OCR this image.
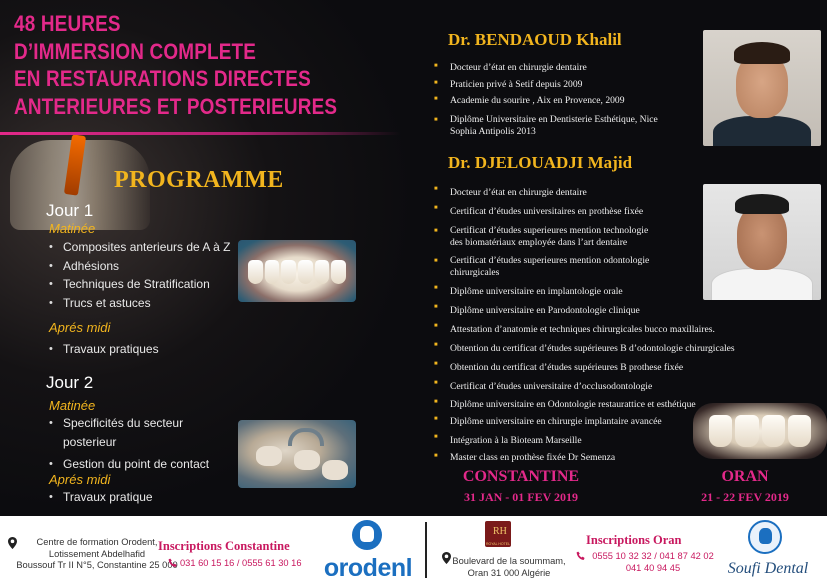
48 HEURES
D’IMMERSION COMPLETE
EN RESTAURATIONS DIRECTES
ANTERIEURES ET POSTERIEURES
PROGRAMME
Jour 1
Matinée
• Composites anterieurs de A à Z
• Adhésions
• Techniques de Stratification
• Trucs et astuces
Aprés midi
• Travaux pratiques
Jour 2
Matinée
• Specificités du secteur
posterieur
• Gestion du point de contact
Aprés midi
• Travaux pratique
Dr. BENDAOUD Khalil
■ Docteur d’état en chirurgie dentaire
■ Praticien privé à Setif depuis 2009
■ Academie du sourire , Aix en Provence, 2009
■ Diplôme Universitaire en Dentisterie Esthétique, Nice
Sophia Antipolis 2013
Dr. DJELOUADJI Majid
■ Docteur d’état en chirurgie dentaire
■ Certificat d’études universitaires en prothèse fixée
■ Certificat d’études superieures mention technologie
des biomatériaux employée dans l’art dentaire
■ Certificat d’études superieures mention odontologie
chirurgicales
■ Diplôme universitaire en implantologie orale
■ Diplôme universitaire en Parodontologie clinique
■ Attestation d’anatomie et techniques chirurgicales bucco maxillaires.
■ Obtention du certificat d’études supérieures B d’odontologie chirurgicales
■ Obtention du certificat d’études supérieures B prothese fixée
■ Certificat d’études universitaire d’occlusodontologie
■ Diplôme universitaire en Odontologie restaurattice et esthétique
■ Diplôme universitaire en chirurgie implantaire avancée
■ Intégration à la Bioteam Marseille
■ Master class en prothèse fixée Dr Semenza
CONSTANTINE
31 JAN - 01 FEV 2019
ORAN
21 - 22 FEV 2019
Centre de formation Orodent,
Lotissement Abdelhafid
Boussouf Tr II N°5, Constantine 25 000
Inscriptions Constantine
031 60 15 16 / 0555 61 30 16 orodenl
RH
ROYAL HOTEL
Boulevard de la soummam,
Oran 31 000 Algérie
Inscriptions Oran
0555 10 32 32 / 041 87 42 02
041 40 94 45	Soufi Dental
